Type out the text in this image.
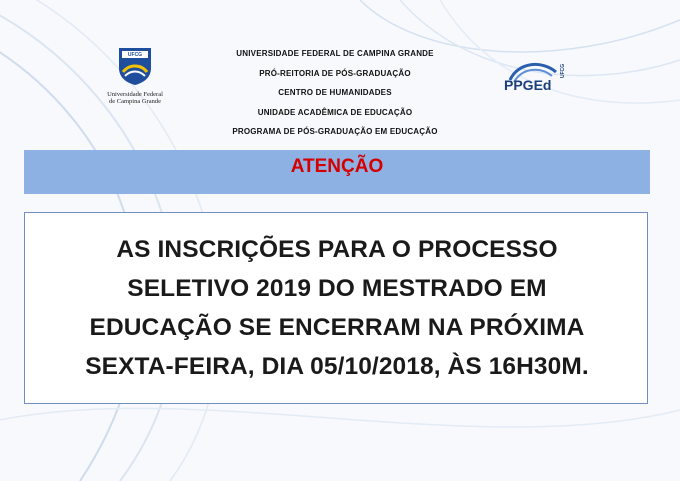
UFCG
Universidade Federal
de Campina Grande
UNIVERSIDADE FEDERAL DE CAMPINA GRANDE
PRÓ-REITORIA DE PÓS-GRADUAÇÃO
CENTRO DE HUMANIDADES
UNIDADE ACADÊMICA DE EDUCAÇÃO
PROGRAMA DE PÓS-GRADUAÇÃO EM EDUCAÇÃO
PPGEd
UFCG
ATENÇÃO
AS INSCRIÇÕES PARA O PROCESSO
SELETIVO 2019 DO MESTRADO EM
EDUCAÇÃO SE ENCERRAM NA PRÓXIMA
SEXTA-FEIRA, DIA 05/10/2018, ÀS 16H30M.
